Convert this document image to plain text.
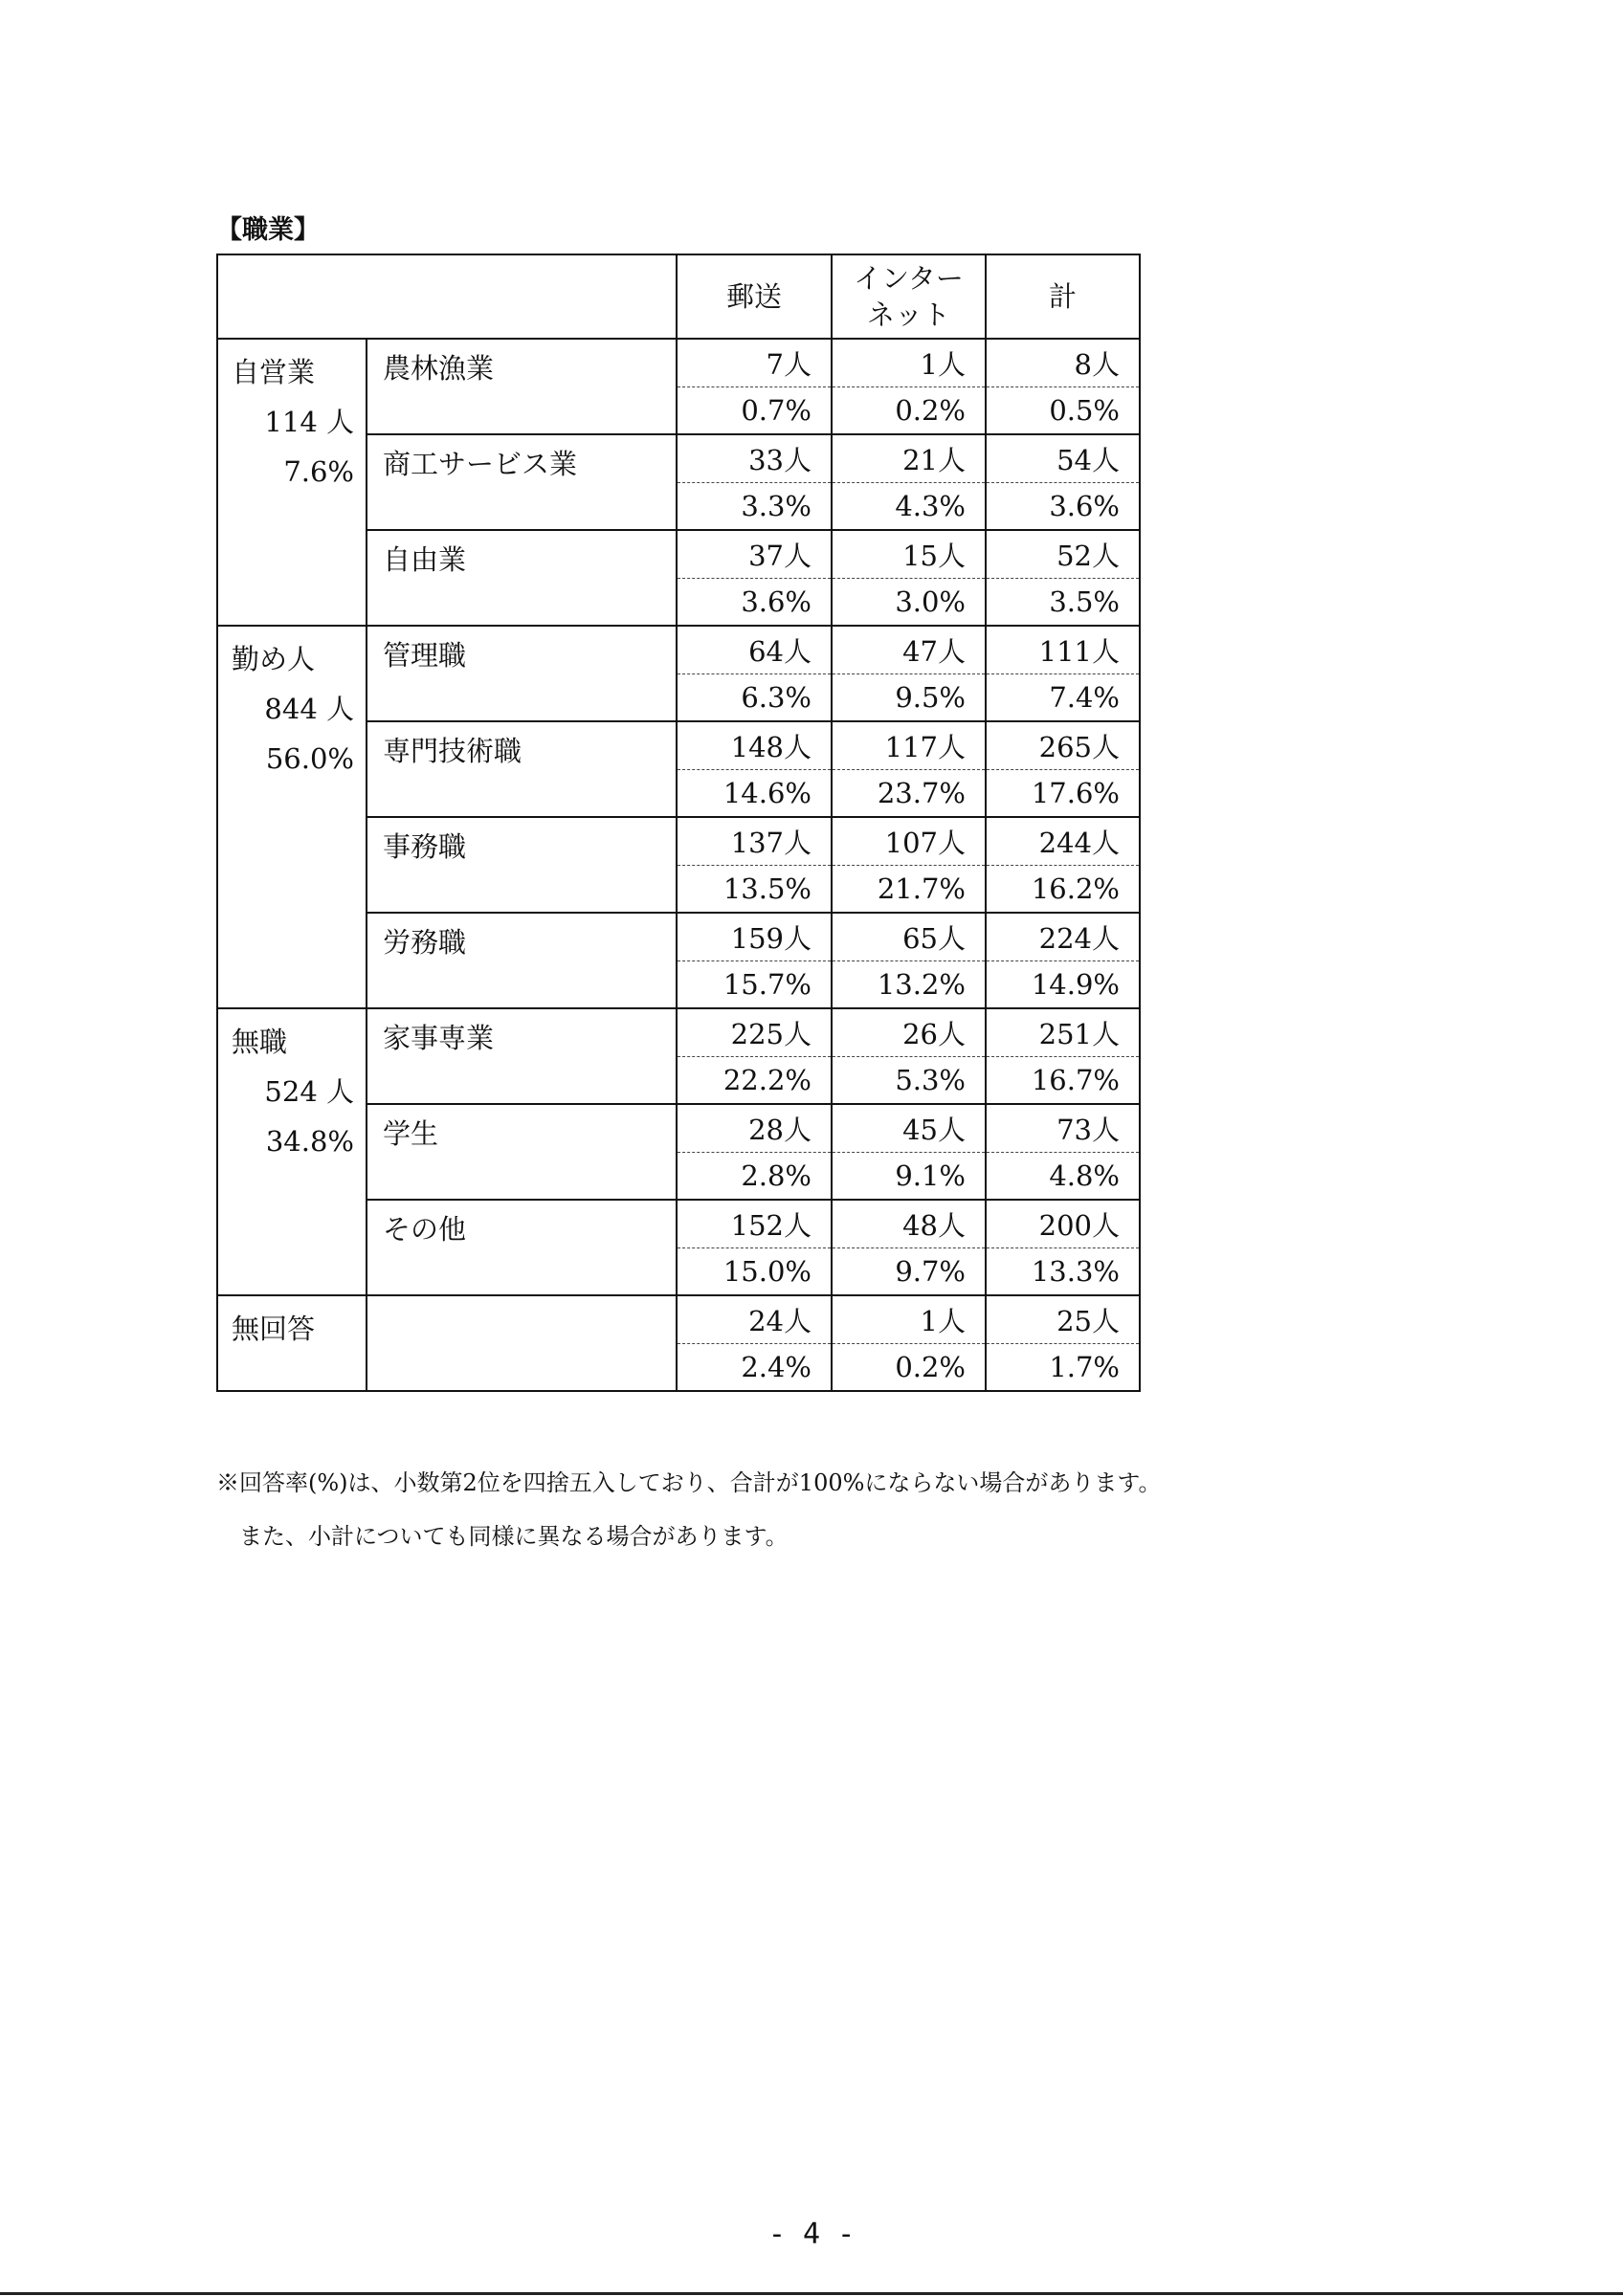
【職業】
		郵送	インター
ネット	計

自営業
114 人
7.6%	農林漁業	7人	1人	8人
		0.7%	0.2%	0.5%
	商工サービス業	33人	21人	54人
		3.3%	4.3%	3.6%
	自由業	37人	15人	52人
		3.6%	3.0%	3.5%

勤め人
844 人
56.0%	管理職	64人	47人	111人
		6.3%	9.5%	7.4%
	専門技術職	148人	117人	265人
		14.6%	23.7%	17.6%
	事務職	137人	107人	244人
		13.5%	21.7%	16.2%
	労務職	159人	65人	224人
		15.7%	13.2%	14.9%

無職
524 人
34.8%	家事専業	225人	26人	251人
		22.2%	5.3%	16.7%
	学生	28人	45人	73人
		2.8%	9.1%	4.8%
	その他	152人	48人	200人
		15.0%	9.7%	13.3%

無回答		24人	1人	25人
		2.4%	0.2%	1.7%
※回答率(%)は、小数第2位を四捨五入しており、合計が100%にならない場合があります。
また、小計についても同様に異なる場合があります。
- 4 -
